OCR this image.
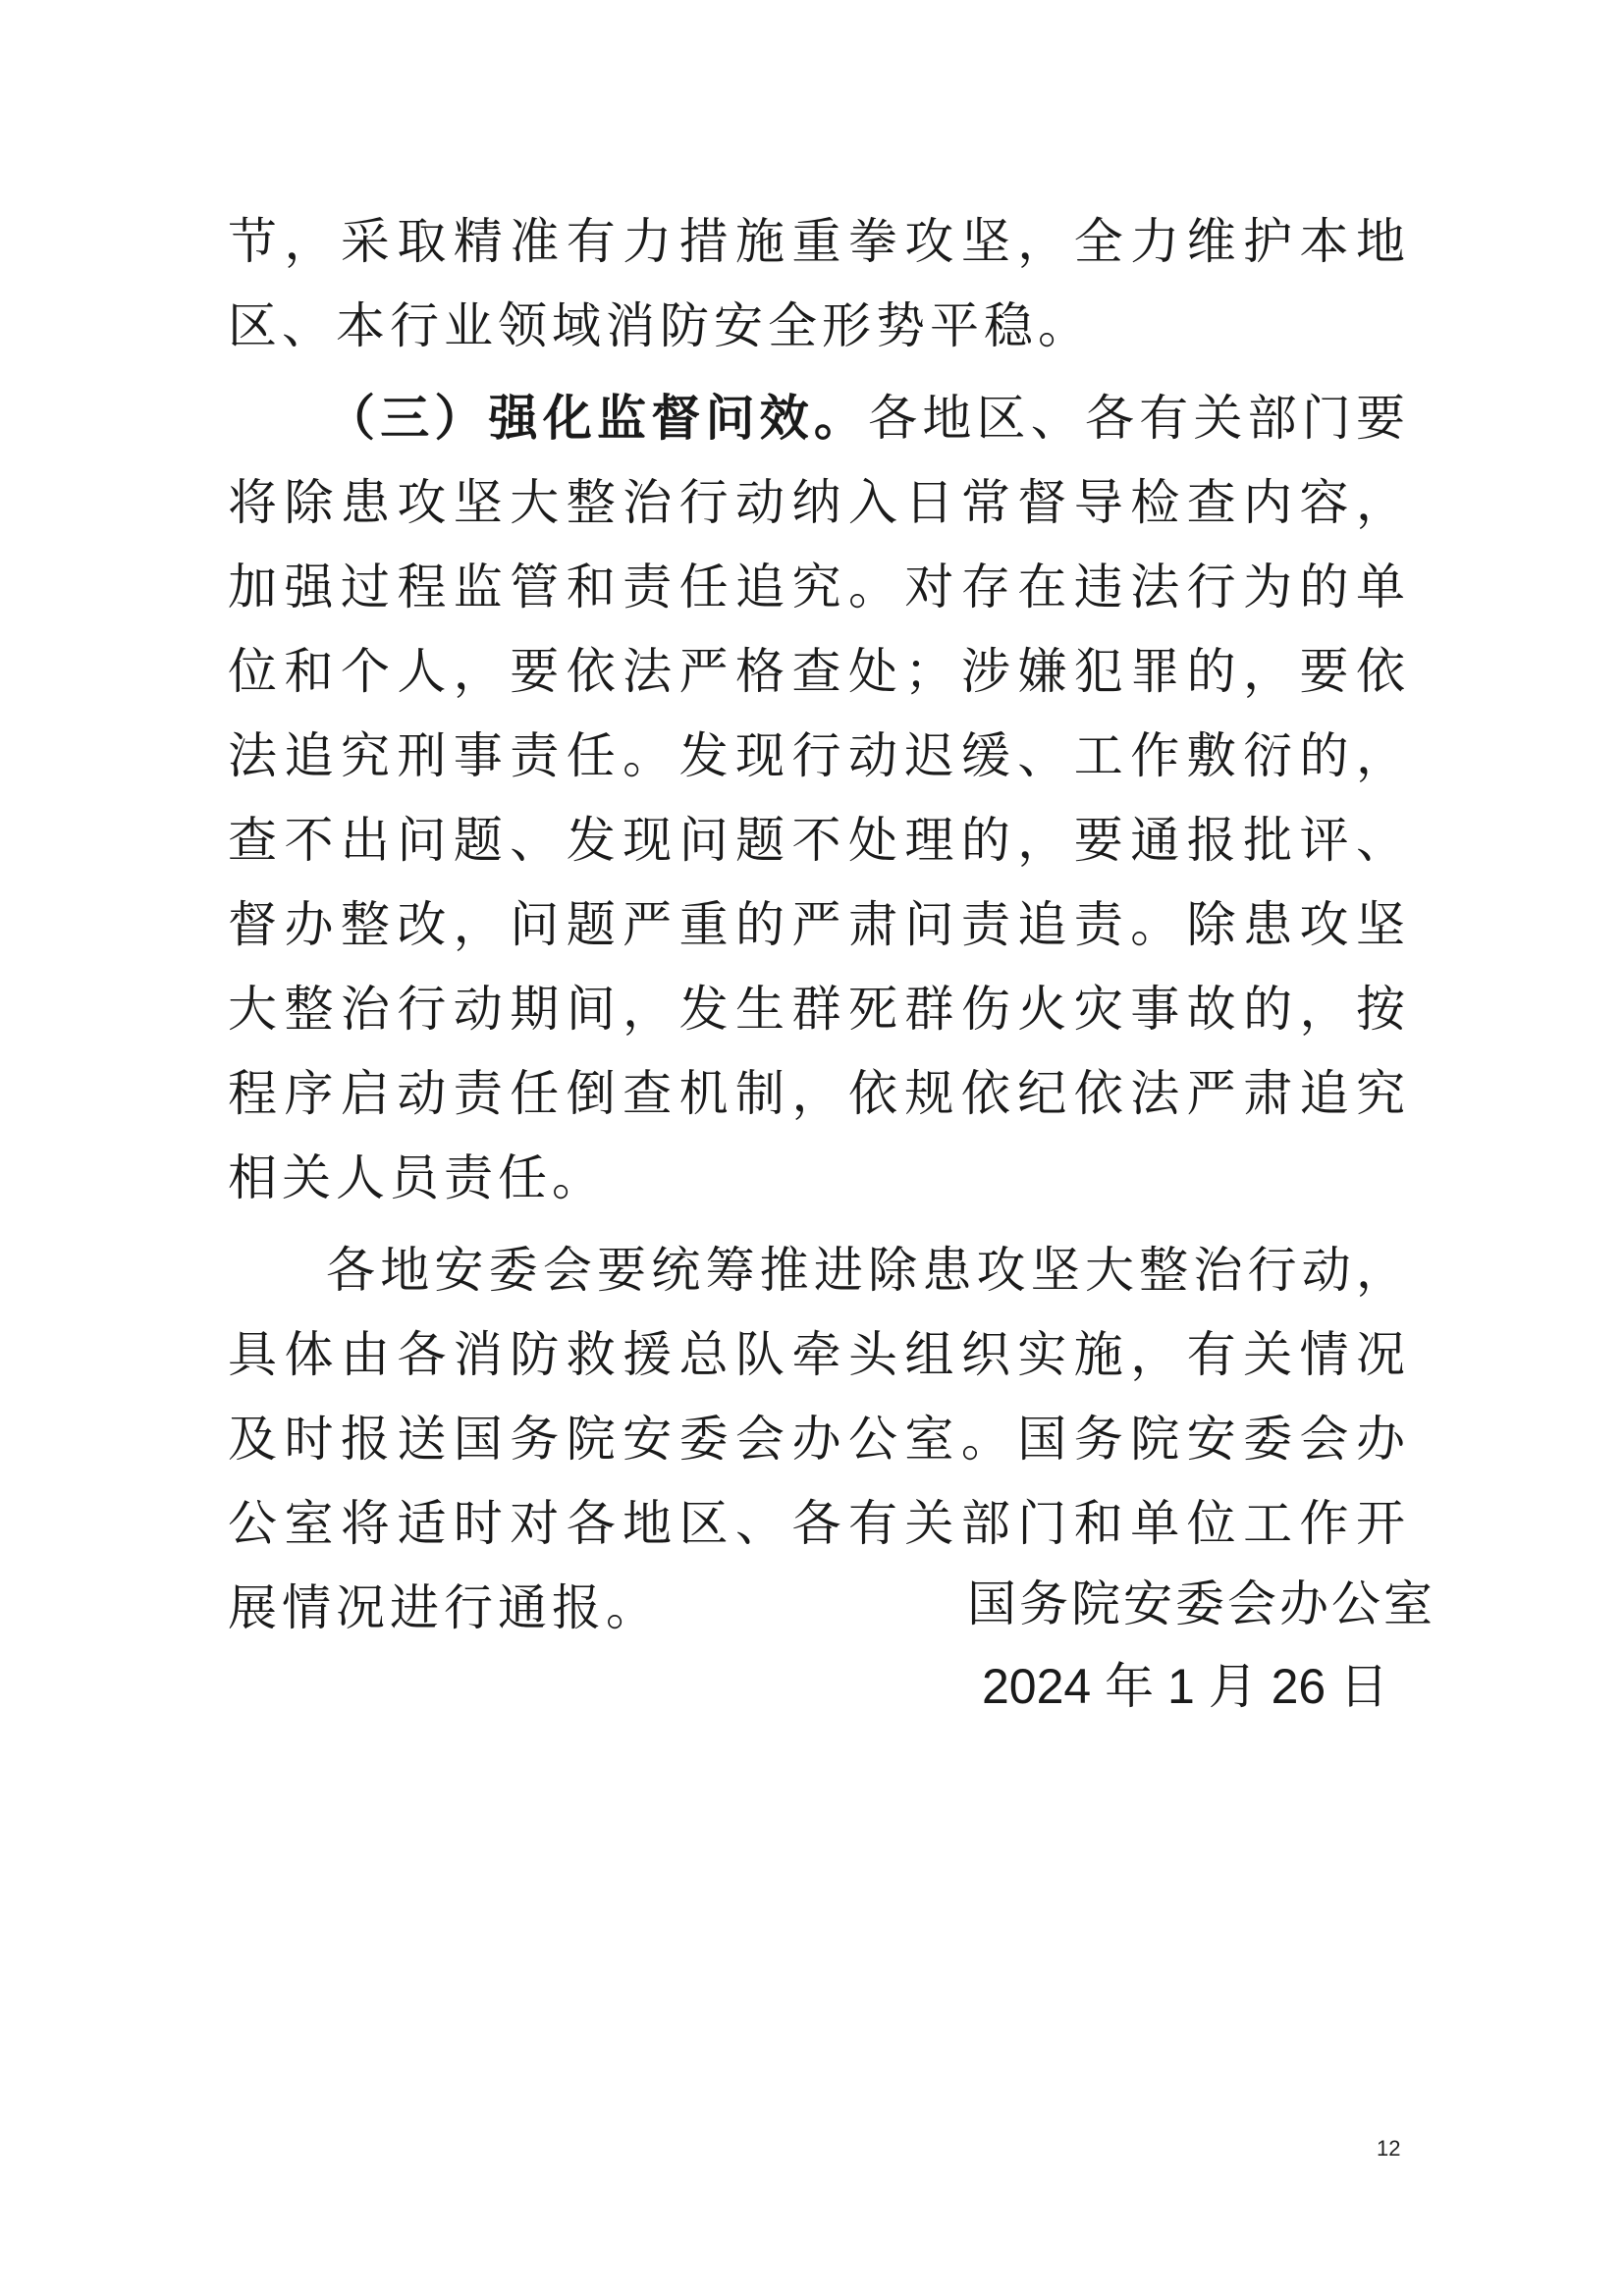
节，采取精准有力措施重拳攻坚，全力维护本地区、本行业领域消防安全形势平稳。

（三）强化监督问效。各地区、各有关部门要将除患攻坚大整治行动纳入日常督导检查内容，加强过程监管和责任追究。对存在违法行为的单位和个人，要依法严格查处；涉嫌犯罪的，要依法追究刑事责任。发现行动迟缓、工作敷衍的，查不出问题、发现问题不处理的，要通报批评、督办整改，问题严重的严肃问责追责。除患攻坚大整治行动期间，发生群死群伤火灾事故的，按程序启动责任倒查机制，依规依纪依法严肃追究相关人员责任。

各地安委会要统筹推进除患攻坚大整治行动，具体由各消防救援总队牵头组织实施，有关情况及时报送国务院安委会办公室。国务院安委会办公室将适时对各地区、各有关部门和单位工作开展情况进行通报。	国务院安委会办公室
2024 年 1 月 26 日
12
